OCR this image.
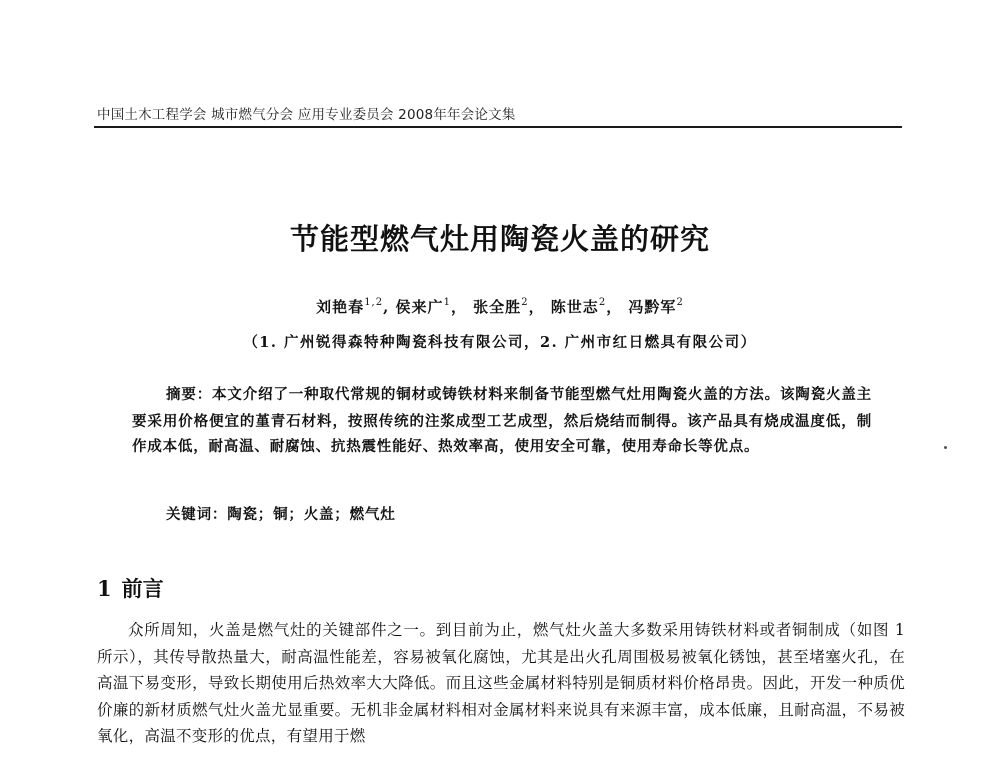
中国土木工程学会 城市燃气分会 应用专业委员会 2008年年会论文集
节能型燃气灶用陶瓷火盖的研究
刘艳春$^{1,2}$, 侯来广$^1$， 张全胜$^2$， 陈世志$^2$， 冯黔军$^2$
（1. 广州锐得森特种陶瓷科技有限公司，2. 广州市红日燃具有限公司）
摘要：本文介绍了一种取代常规的铜材或铸铁材料来制备节能型燃气灶用陶瓷火盖的方法。该陶瓷火盖主要采用价格便宜的堇青石材料，按照传统的注浆成型工艺成型，然后烧结而制得。该产品具有烧成温度低，制作成本低，耐高温、耐腐蚀、抗热震性能好、热效率高，使用安全可靠，使用寿命长等优点。
关键词：陶瓷；铜；火盖；燃气灶
1 前言
众所周知，火盖是燃气灶的关键部件之一。到目前为止，燃气灶火盖大多数采用铸铁材料或者铜制成（如图 1 所示），其传导散热量大，耐高温性能差，容易被氧化腐蚀，尤其是出火孔周围极易被氧化锈蚀，甚至堵塞火孔，在高温下易变形，导致长期使用后热效率大大降低。而且这些金属材料特别是铜质材料价格昂贵。因此，开发一种质优价廉的新材质燃气灶火盖尤显重要。无机非金属材料相对金属材料来说具有来源丰富，成本低廉，且耐高温，不易被氧化，高温不变形的优点，有望用于燃
